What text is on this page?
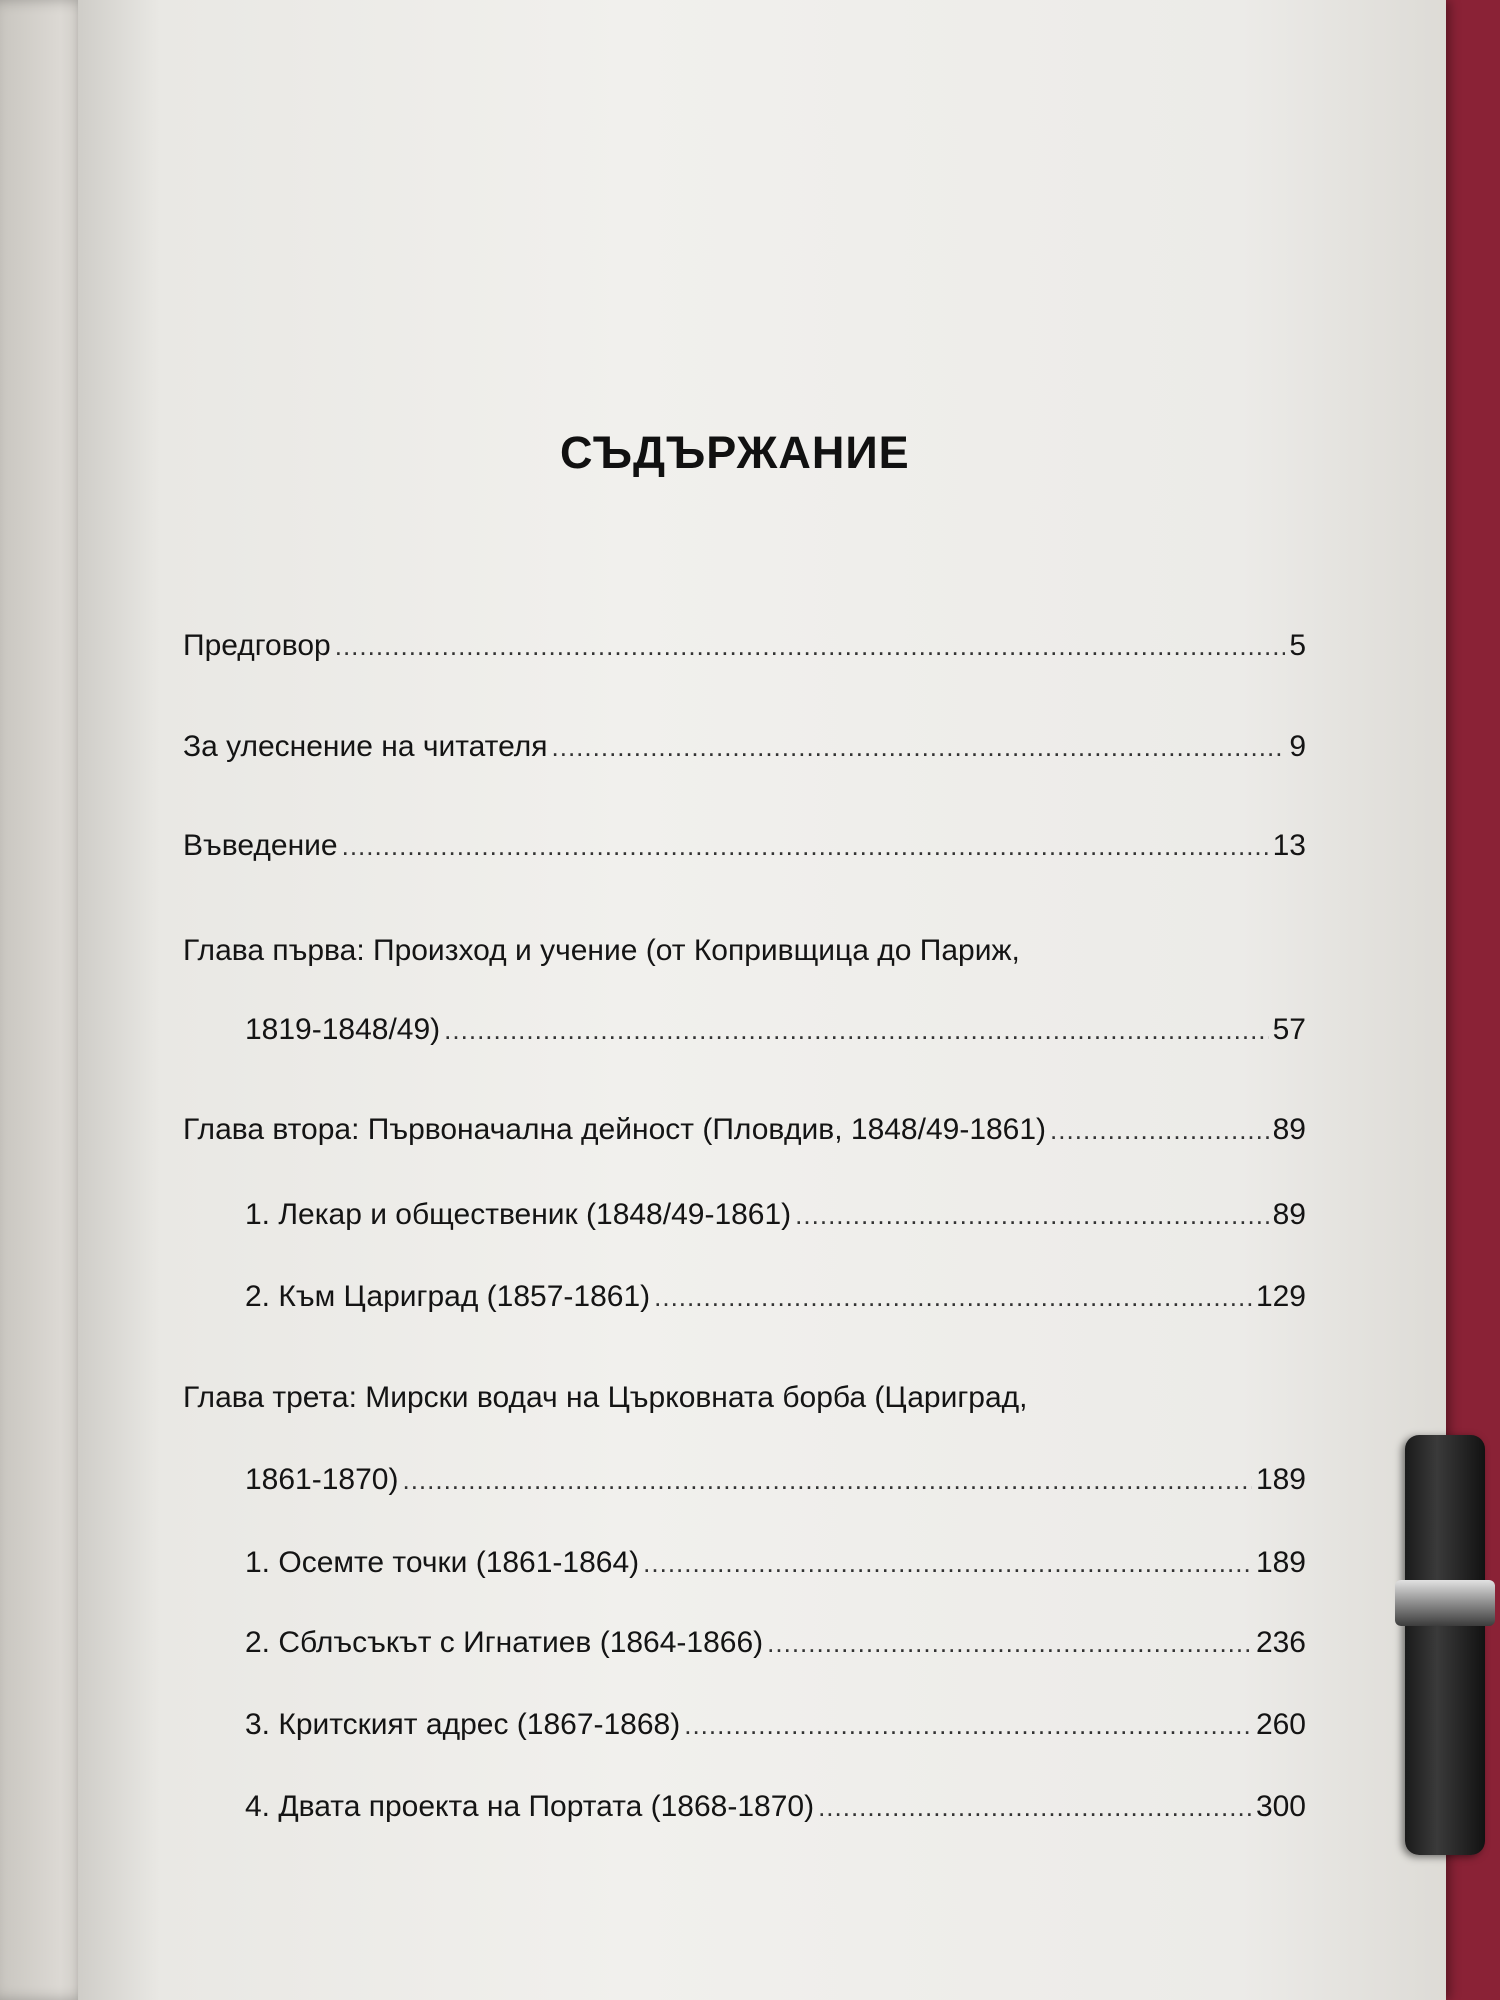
СЪДЪРЖАНИЕ
Предговор .....	5
За улеснение на читателя .....	9
Въведение .....	13
Глава първа: Произход и учение (от Копривщица до Париж,
1819-1848/49) .....	57
Глава втора: Първоначална дейност (Пловдив, 1848/49-1861) .....	89
1. Лекар и общественик (1848/49-1861) .....	89
2. Към Цариград (1857-1861) .....	129
Глава трета: Мирски водач на Църковната борба (Цариград,
1861-1870) .....	189
1. Осемте точки (1861-1864) .....	189
2. Сблъсъкът с Игнатиев (1864-1866) .....	236
3. Критският адрес (1867-1868) .....	260
4. Двата проекта на Портата (1868-1870) .....	300
